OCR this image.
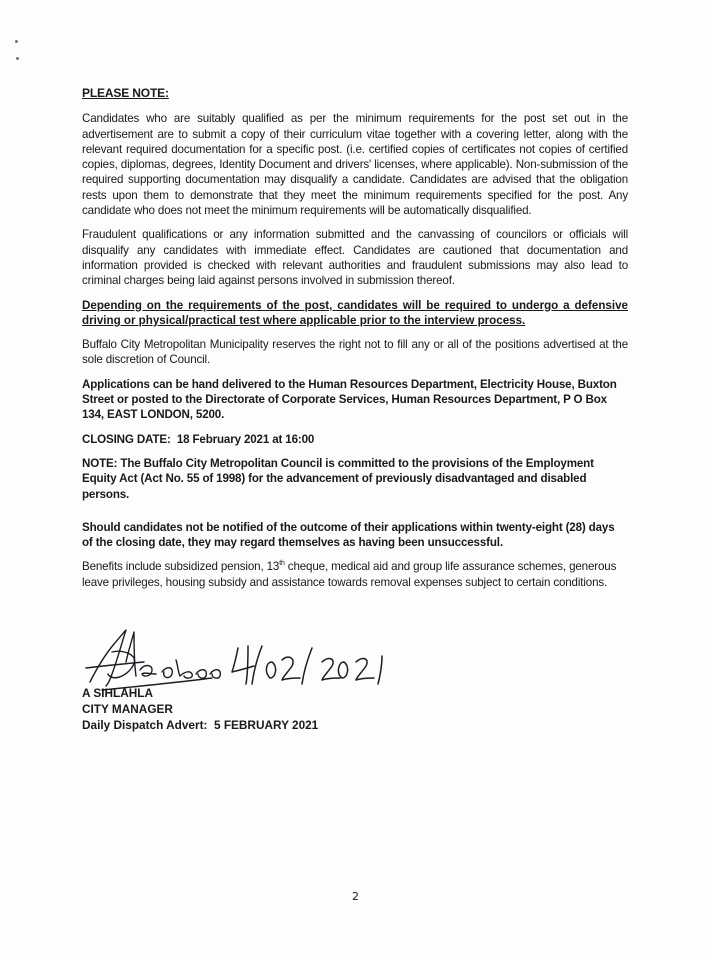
PLEASE NOTE:

Candidates who are suitably qualified as per the minimum requirements for the post set out in the advertisement are to submit a copy of their curriculum vitae together with a covering letter, along with the relevant required documentation for a specific post. (i.e. certified copies of certificates not copies of certified copies, diplomas, degrees, Identity Document and drivers' licenses, where applicable). Non-submission of the required supporting documentation may disqualify a candidate. Candidates are advised that the obligation rests upon them to demonstrate that they meet the minimum requirements specified for the post. Any candidate who does not meet the minimum requirements will be automatically disqualified.

Fraudulent qualifications or any information submitted and the canvassing of councilors or officials will disqualify any candidates with immediate effect. Candidates are cautioned that documentation and information provided is checked with relevant authorities and fraudulent submissions may also lead to criminal charges being laid against persons involved in submission thereof.

Depending on the requirements of the post, candidates will be required to undergo a defensive driving or physical/practical test where applicable prior to the interview process.

Buffalo City Metropolitan Municipality reserves the right not to fill any or all of the positions advertised at the sole discretion of Council.

Applications can be hand delivered to the Human Resources Department, Electricity House, Buxton Street or posted to the Directorate of Corporate Services, Human Resources Department, P O Box 134, EAST LONDON, 5200.

CLOSING DATE: 18 February 2021 at 16:00

NOTE: The Buffalo City Metropolitan Council is committed to the provisions of the Employment Equity Act (Act No. 55 of 1998) for the advancement of previously disadvantaged and disabled persons.

Should candidates not be notified of the outcome of their applications within twenty-eight (28) days of the closing date, they may regard themselves as having been unsuccessful.

Benefits include subsidized pension, 13th cheque, medical aid and group life assurance schemes, generous leave privileges, housing subsidy and assistance towards removal expenses subject to certain conditions.

A SIHLAHLA
CITY MANAGER
Daily Dispatch Advert: 5 FEBRUARY 2021
2
